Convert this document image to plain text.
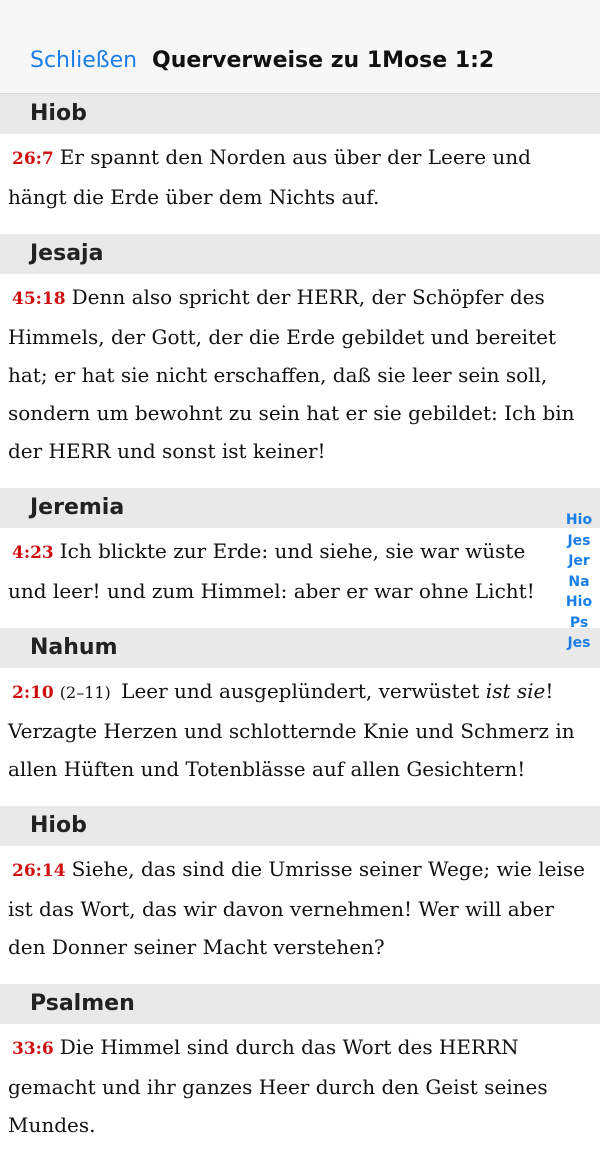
Schließen Querverweise zu 1Mose 1:2
Hiob
26:7 Er spannt den Norden aus über der Leere und hängt die Erde über dem Nichts auf.
Jesaja
45:18 Denn also spricht der HERR, der Schöpfer des Himmels, der Gott, der die Erde gebildet und bereitet hat; er hat sie nicht erschaffen, daß sie leer sein soll, sondern um bewohnt zu sein hat er sie gebildet: Ich bin der HERR und sonst ist keiner!
Jeremia
4:23 Ich blickte zur Erde: und siehe, sie war wüste und leer! und zum Himmel: aber er war ohne Licht!
Nahum
2:10 (2–11) Leer und ausgeplündert, verwüstet ist sie! Verzagte Herzen und schlotternde Knie und Schmerz in allen Hüften und Totenblässe auf allen Gesichtern!
Hiob
26:14 Siehe, das sind die Umrisse seiner Wege; wie leise ist das Wort, das wir davon vernehmen! Wer will aber den Donner seiner Macht verstehen?
Psalmen
33:6 Die Himmel sind durch das Wort des HERRN gemacht und ihr ganzes Heer durch den Geist seines Mundes.
Hio
Jes
Jer
Na
Hio
Ps
Jes
